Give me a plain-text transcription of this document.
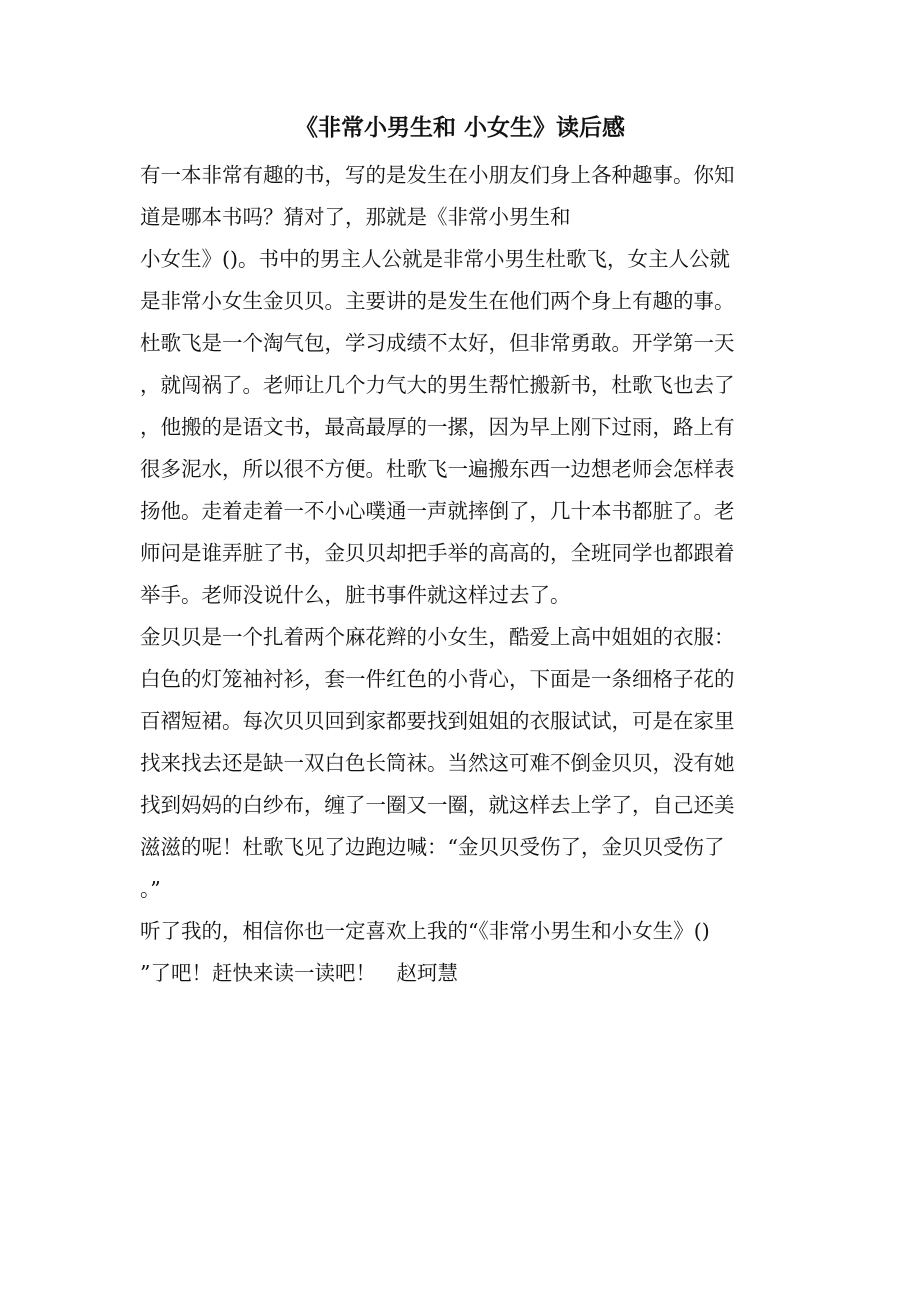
《非常小男生和 小女生》读后感
有一本非常有趣的书，写的是发生在小朋友们身上各种趣事。你知
道是哪本书吗？猜对了，那就是《非常小男生和
小女生》()。书中的男主人公就是非常小男生杜歌飞，女主人公就
是非常小女生金贝贝。主要讲的是发生在他们两个身上有趣的事。
杜歌飞是一个淘气包，学习成绩不太好，但非常勇敢。开学第一天
，就闯祸了。老师让几个力气大的男生帮忙搬新书，杜歌飞也去了
，他搬的是语文书，最高最厚的一摞，因为早上刚下过雨，路上有
很多泥水，所以很不方便。杜歌飞一遍搬东西一边想老师会怎样表
扬他。走着走着一不小心噗通一声就摔倒了，几十本书都脏了。老
师问是谁弄脏了书，金贝贝却把手举的高高的，全班同学也都跟着
举手。老师没说什么，脏书事件就这样过去了。
金贝贝是一个扎着两个麻花辫的小女生，酷爱上高中姐姐的衣服：
白色的灯笼袖衬衫，套一件红色的小背心，下面是一条细格子花的
百褶短裙。每次贝贝回到家都要找到姐姐的衣服试试，可是在家里
找来找去还是缺一双白色长筒袜。当然这可难不倒金贝贝，没有她
找到妈妈的白纱布，缠了一圈又一圈，就这样去上学了，自己还美
滋滋的呢！杜歌飞见了边跑边喊：“金贝贝受伤了，金贝贝受伤了
。”
听了我的，相信你也一定喜欢上我的“《非常小男生和小女生》()
”了吧！赶快来读一读吧！　赵珂慧
